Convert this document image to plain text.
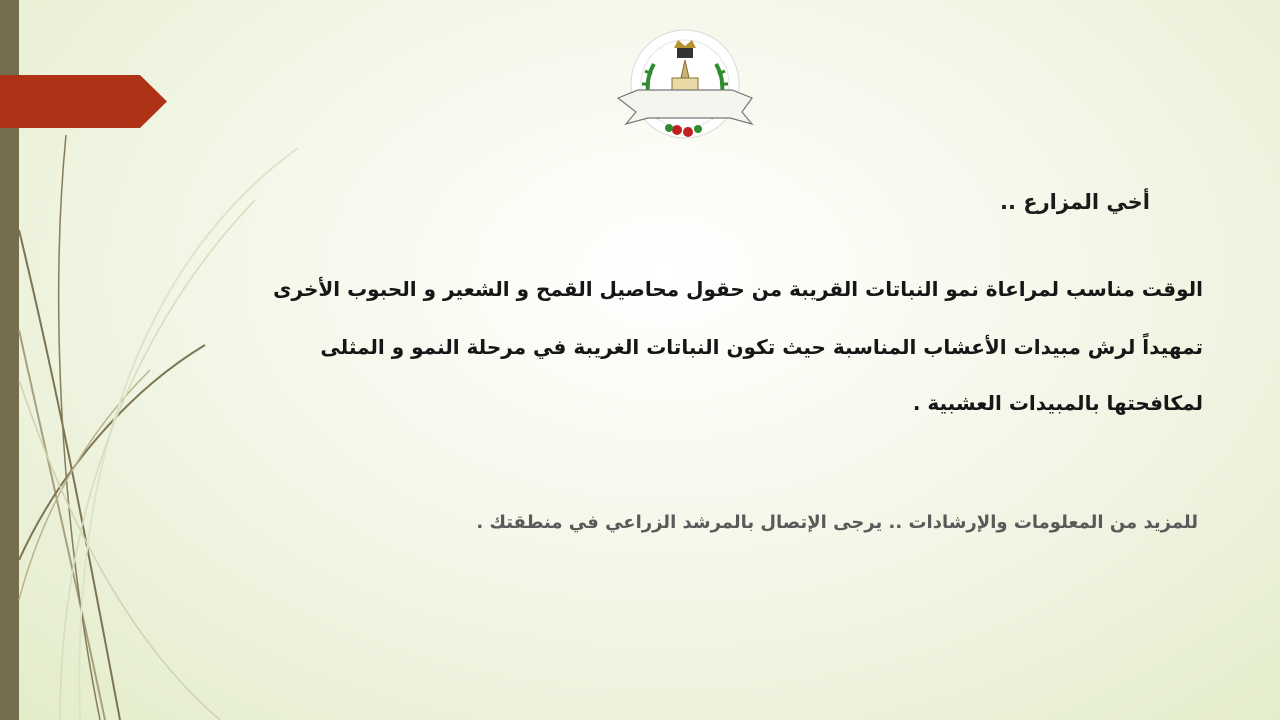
أخي المزارع ..
الوقت مناسب لمراعاة نمو النباتات القريبة من حقول محاصيل القمح و الشعير و الحبوب الأخرى
تمهيداً لرش مبيدات الأعشاب المناسبة حيث تكون النباتات الغريبة في مرحلة النمو و المثلى
لمكافحتها بالمبيدات العشبية .
للمزيد من المعلومات والإرشادات .. يرجى الإتصال بالمرشد الزراعي في منطقتك .
